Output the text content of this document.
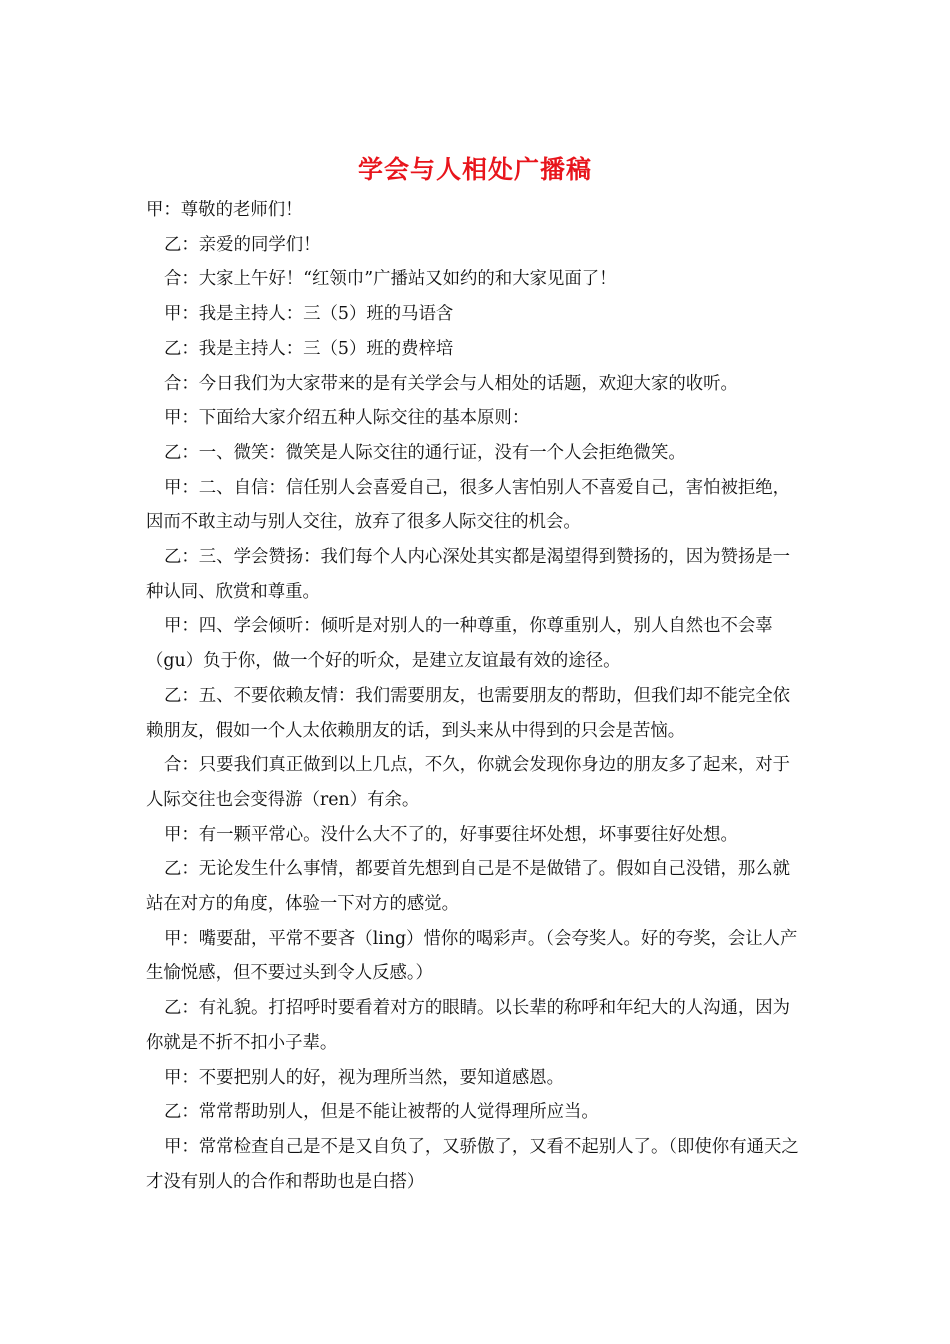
学会与人相处广播稿

甲：尊敬的老师们！

乙：亲爱的同学们！

合：大家上午好！“红领巾”广播站又如约的和大家见面了！

甲：我是主持人：三（5）班的马语含

乙：我是主持人：三（5）班的费梓培

合：今日我们为大家带来的是有关学会与人相处的话题，欢迎大家的收听。

甲：下面给大家介绍五种人际交往的基本原则：

乙：一、微笑：微笑是人际交往的通行证，没有一个人会拒绝微笑。

甲：二、自信：信任别人会喜爱自己，很多人害怕别人不喜爱自己，害怕被拒绝，因而不敢主动与别人交往，放弃了很多人际交往的机会。

乙：三、学会赞扬：我们每个人内心深处其实都是渴望得到赞扬的，因为赞扬是一种认同、欣赏和尊重。

甲：四、学会倾听：倾听是对别人的一种尊重，你尊重别人，别人自然也不会辜（gu）负于你，做一个好的听众，是建立友谊最有效的途径。

乙：五、不要依赖友情：我们需要朋友，也需要朋友的帮助，但我们却不能完全依赖朋友，假如一个人太依赖朋友的话，到头来从中得到的只会是苦恼。

合：只要我们真正做到以上几点，不久，你就会发现你身边的朋友多了起来，对于人际交往也会变得游（ren）有余。

甲：有一颗平常心。没什么大不了的，好事要往坏处想，坏事要往好处想。

乙：无论发生什么事情，都要首先想到自己是不是做错了。假如自己没错，那么就站在对方的角度，体验一下对方的感觉。

甲：嘴要甜，平常不要吝（ling）惜你的喝彩声。（会夸奖人。好的夸奖，会让人产生愉悦感，但不要过头到令人反感。）

乙：有礼貌。打招呼时要看着对方的眼睛。以长辈的称呼和年纪大的人沟通，因为你就是不折不扣小子辈。

甲：不要把别人的好，视为理所当然，要知道感恩。

乙：常常帮助别人，但是不能让被帮的人觉得理所应当。

甲：常常检查自己是不是又自负了，又骄傲了，又看不起别人了。（即使你有通天之才没有别人的合作和帮助也是白搭）
